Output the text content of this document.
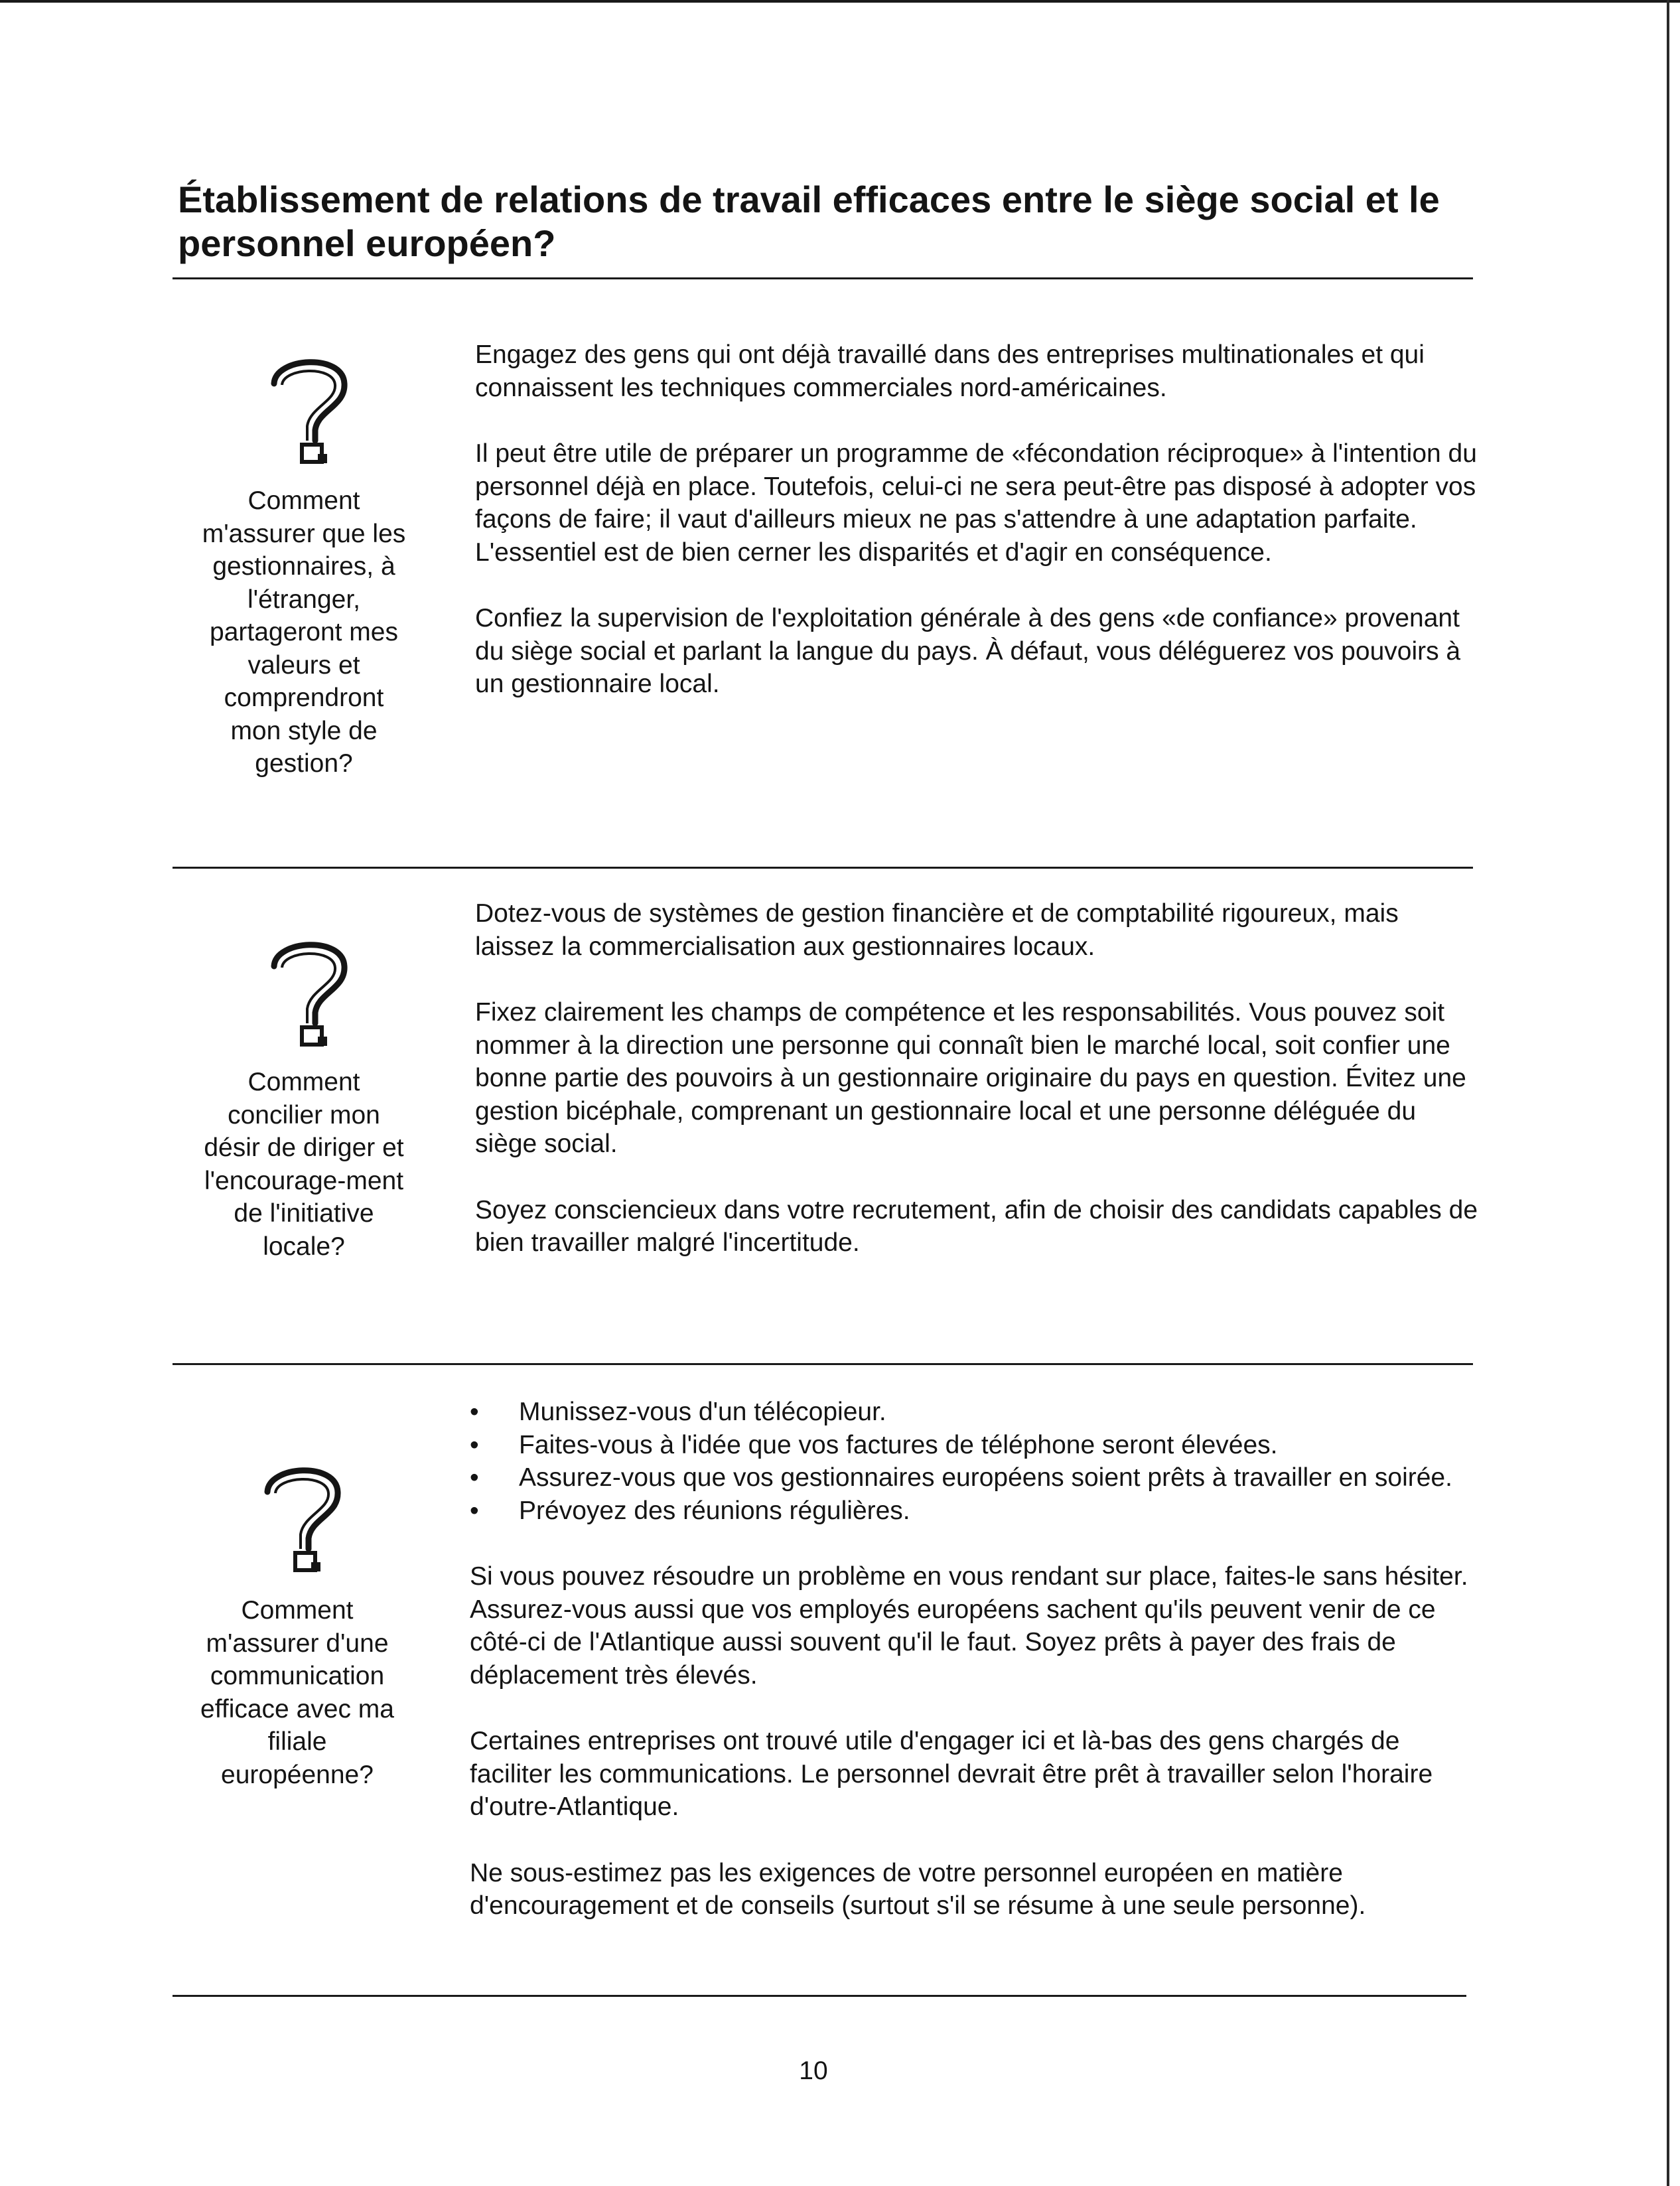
Établissement de relations de travail efficaces entre le siège social et le personnel européen?
Comment m'assurer que les gestionnaires, à l'étranger, partageront mes valeurs et comprendront mon style de gestion?

Engagez des gens qui ont déjà travaillé dans des entreprises multinationales et qui connaissent les techniques commerciales nord-américaines.

Il peut être utile de préparer un programme de «fécondation réciproque» à l'intention du personnel déjà en place. Toutefois, celui-ci ne sera peut-être pas disposé à adopter vos façons de faire; il vaut d'ailleurs mieux ne pas s'attendre à une adaptation parfaite. L'essentiel est de bien cerner les disparités et d'agir en conséquence.

Confiez la supervision de l'exploitation générale à des gens «de confiance» provenant du siège social et parlant la langue du pays. À défaut, vous déléguerez vos pouvoirs à un gestionnaire local.

Comment concilier mon désir de diriger et l'encourage-ment de l'initiative locale?

Dotez-vous de systèmes de gestion financière et de comptabilité rigoureux, mais laissez la commercialisation aux gestionnaires locaux.

Fixez clairement les champs de compétence et les responsabilités. Vous pouvez soit nommer à la direction une personne qui connaît bien le marché local, soit confier une bonne partie des pouvoirs à un gestionnaire originaire du pays en question. Évitez une gestion bicéphale, comprenant un gestionnaire local et une personne déléguée du siège social.

Soyez consciencieux dans votre recrutement, afin de choisir des candidats capables de bien travailler malgré l'incertitude.

Comment m'assurer d'une communication efficace avec ma filiale européenne?
•	Munissez-vous d'un télécopieur.
•	Faites-vous à l'idée que vos factures de téléphone seront élevées.
•	Assurez-vous que vos gestionnaires européens soient prêts à travailler en soirée.
•	Prévoyez des réunions régulières.

Si vous pouvez résoudre un problème en vous rendant sur place, faites-le sans hésiter. Assurez-vous aussi que vos employés européens sachent qu'ils peuvent venir de ce côté-ci de l'Atlantique aussi souvent qu'il le faut. Soyez prêts à payer des frais de déplacement très élevés.

Certaines entreprises ont trouvé utile d'engager ici et là-bas des gens chargés de faciliter les communications. Le personnel devrait être prêt à travailler selon l'horaire d'outre-Atlantique.

Ne sous-estimez pas les exigences de votre personnel européen en matière d'encouragement et de conseils (surtout s'il se résume à une seule personne).

10
